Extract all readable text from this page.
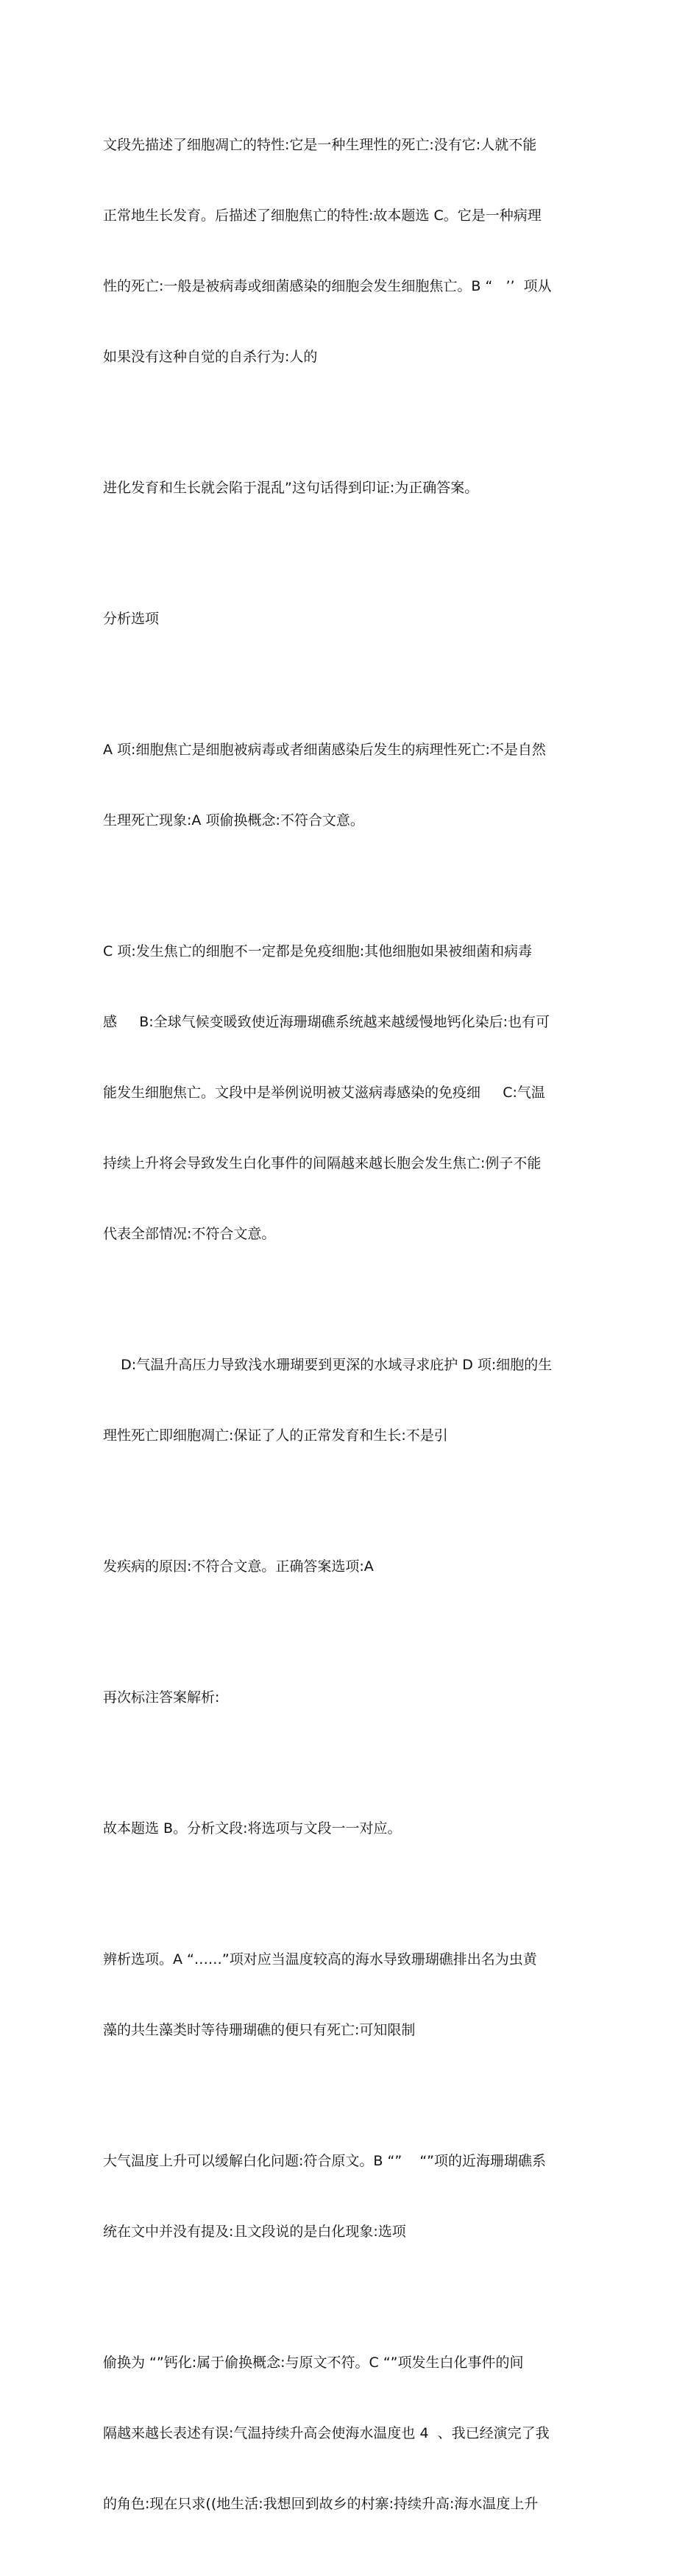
文段先描述了细胞凋亡的特性:它是一种生理性的死亡:没有它:人就不能

正常地生长发育。后描述了细胞焦亡的特性:故本题选 C。它是一种病理

性的死亡:一般是被病毒或细菌感染的细胞会发生细胞焦亡。B “   ’’  项从

如果没有这种自觉的自杀行为:人的

进化发育和生长就会陷于混乱”这句话得到印证:为正确答案。

分析选项

A 项:细胞焦亡是细胞被病毒或者细菌感染后发生的病理性死亡:不是自然

生理死亡现象:A 项偷换概念:不符合文意。

C 项:发生焦亡的细胞不一定都是免疫细胞:其他细胞如果被细菌和病毒

感     B:全球气候变暖致使近海珊瑚礁系统越来越缓慢地钙化染后:也有可

能发生细胞焦亡。文段中是举例说明被艾滋病毒感染的免疫细     C:气温

持续上升将会导致发生白化事件的间隔越来越长胞会发生焦亡:例子不能

代表全部情况:不符合文意。

D:气温升高压力导致浅水珊瑚要到更深的水域寻求庇护 D 项:细胞的生

理性死亡即细胞凋亡:保证了人的正常发育和生长:不是引

发疾病的原因:不符合文意。正确答案选项:A

再次标注答案解析:

故本题选 B。分析文段:将选项与文段一一对应。

辨析选项。A “……”项对应当温度较高的海水导致珊瑚礁排出名为虫黄

藻的共生藻类时等待珊瑚礁的便只有死亡:可知限制

大气温度上升可以缓解白化问题:符合原文。B “”    “”项的近海珊瑚礁系

统在文中并没有提及:且文段说的是白化现象:选项

偷换为 “”钙化:属于偷换概念:与原文不符。C “”项发生白化事件的间

隔越来越长表述有误:气温持续升高会使海水温度也 4  、我已经演完了我

的角色:现在只求((地生活:我想回到故乡的村寨:持续升高:海水温度上升
